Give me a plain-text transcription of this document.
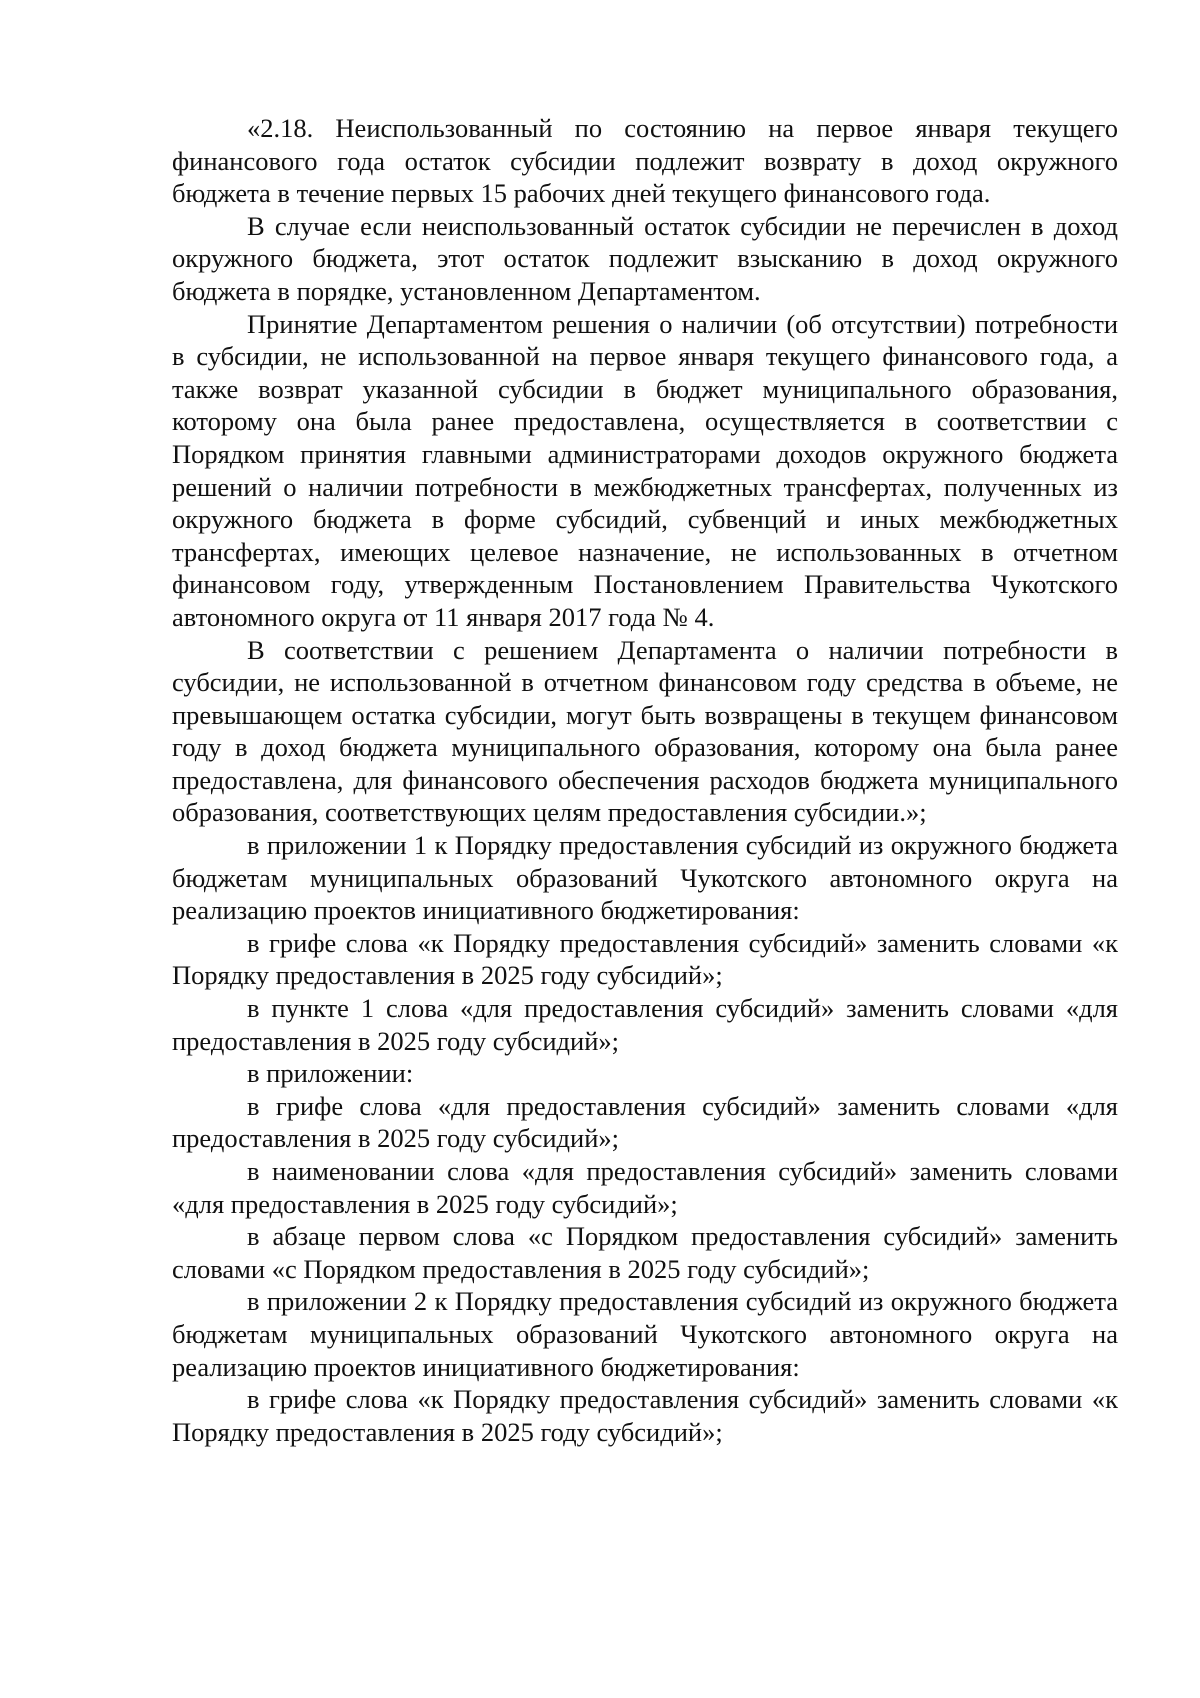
«2.18. Неиспользованный по состоянию на первое января текущего финансового года остаток субсидии подлежит возврату в доход окружного бюджета в течение первых 15 рабочих дней текущего финансового года.

В случае если неиспользованный остаток субсидии не перечислен в доход окружного бюджета, этот остаток подлежит взысканию в доход окружного бюджета в порядке, установленном Департаментом.

Принятие Департаментом решения о наличии (об отсутствии) потребности в субсидии, не использованной на первое января текущего финансового года, а также возврат указанной субсидии в бюджет муниципального образования, которому она была ранее предоставлена, осуществляется в соответствии с Порядком принятия главными администраторами доходов окружного бюджета решений о наличии потребности в межбюджетных трансфертах, полученных из окружного бюджета в форме субсидий, субвенций и иных межбюджетных трансфертах, имеющих целевое назначение, не использованных в отчетном финансовом году, утвержденным Постановлением Правительства Чукотского автономного округа от 11 января 2017 года № 4.

В соответствии с решением Департамента о наличии потребности в субсидии, не использованной в отчетном финансовом году средства в объеме, не превышающем остатка субсидии, могут быть возвращены в текущем финансовом году в доход бюджета муниципального образования, которому она была ранее предоставлена, для финансового обеспечения расходов бюджета муниципального образования, соответствующих целям предоставления субсидии.»;

в приложении 1 к Порядку предоставления субсидий из окружного бюджета бюджетам муниципальных образований Чукотского автономного округа на реализацию проектов инициативного бюджетирования:

в грифе слова «к Порядку предоставления субсидий» заменить словами «к Порядку предоставления в 2025 году субсидий»;

в пункте 1 слова «для предоставления субсидий» заменить словами «для предоставления в 2025 году субсидий»;

в приложении:

в грифе слова «для предоставления субсидий» заменить словами «для предоставления в 2025 году субсидий»;

в наименовании слова «для предоставления субсидий» заменить словами «для предоставления в 2025 году субсидий»;

в абзаце первом слова «с Порядком предоставления субсидий» заменить словами «с Порядком предоставления в 2025 году субсидий»;

в приложении 2 к Порядку предоставления субсидий из окружного бюджета бюджетам муниципальных образований Чукотского автономного округа на реализацию проектов инициативного бюджетирования:

в грифе слова «к Порядку предоставления субсидий» заменить словами «к Порядку предоставления в 2025 году субсидий»;
